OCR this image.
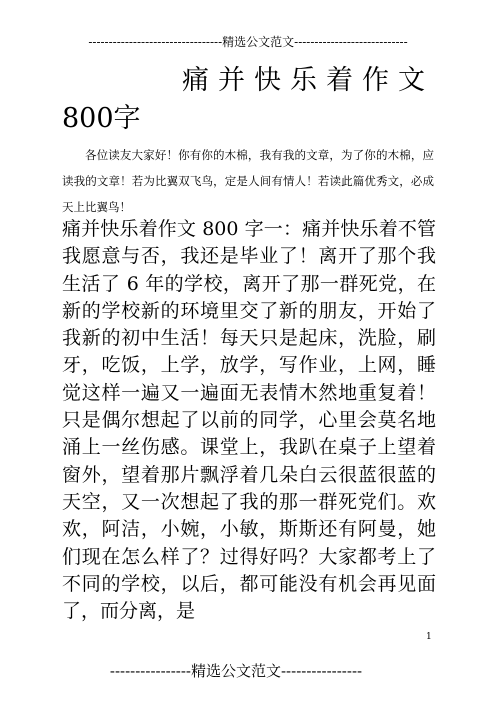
---------------------------------精选公文范文----------------------------
痛并快乐着作文
800字
各位读友大家好！你有你的木棉，我有我的文章，为了你的木棉，应读我的文章！若为比翼双飞鸟，定是人间有情人！若读此篇优秀文，必成天上比翼鸟！
痛并快乐着作文 800 字一：痛并快乐着不管我愿意与否，我还是毕业了！离开了那个我生活了 6 年的学校，离开了那一群死党，在新的学校新的环境里交了新的朋友，开始了我新的初中生活！每天只是起床，洗脸，刷牙，吃饭，上学，放学，写作业，上网，睡觉这样一遍又一遍面无表情木然地重复着！只是偶尔想起了以前的同学，心里会莫名地涌上一丝伤感。课堂上，我趴在桌子上望着窗外，望着那片飘浮着几朵白云很蓝很蓝的天空，又一次想起了我的那一群死党们。欢欢，阿洁，小婉，小敏，斯斯还有阿曼，她们现在怎么样了？过得好吗？大家都考上了不同的学校，以后，都可能没有机会再见面了，而分离，是
1
----------------精选公文范文----------------
